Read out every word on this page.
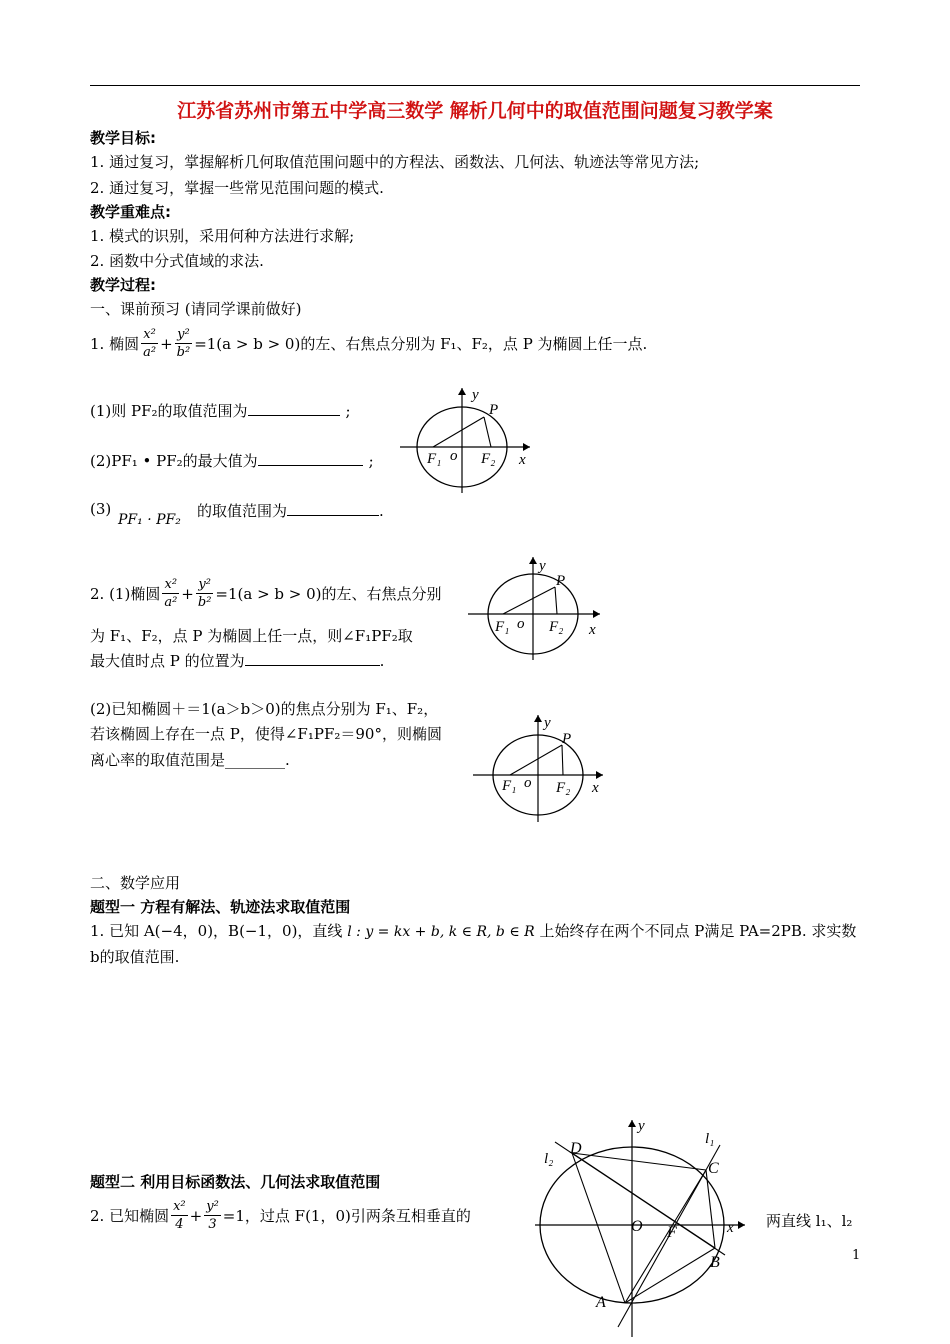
江苏省苏州市第五中学高三数学 解析几何中的取值范围问题复习教学案
教学目标:
1. 通过复习，掌握解析几何取值范围问题中的方程法、函数法、几何法、轨迹法等常见方法;
2. 通过复习，掌握一些常见范围问题的模式.
教学重难点:
1. 模式的识别，采用何种方法进行求解;
2. 函数中分式值域的求法.
教学过程:
一、课前预习 (请同学课前做好)
1. 椭圆 $\frac{\text{x²}}{\text{a²}} + \frac{\text{y²}}{\text{b²}} =1(a > b > 0)$ 的左、右焦点分别为 F₁、F₂，点 P 为椭圆上任一点.
(1)则 PF₂的取值范围为	;
(2)PF₁ • PF₂的最大值为	;
(3)
PF₁ · PF₂ 的取值范围为	.
y
P
F₁ o F₂ x
2. (1)椭圆 $\frac{\text{x²}}{\text{a²}} + \frac{\text{y²}}{\text{b²}} =1(a > b > 0)$ 的左、右焦点分别
为 F₁、F₂，点 P 为椭圆上任一点，则∠F₁PF₂取
最大值时点 P 的位置为	.
y
P
F₁ o F₂ x
(2)已知椭圆＋＝1(a＞b＞0)的焦点分别为 F₁、F₂，
若该椭圆上存在一点 P，使得∠F₁PF₂＝90°，则椭圆
离心率的取值范围是________.
y
P
F₁ o F₂ x
二、数学应用
题型一 方程有解法、轨迹法求取值范围
1. 已知 A(−4，0)，B(−1，0)，直线 l : y = kx + b, k ∈ R, b ∈ R 上始终存在两个不同点 P满足 PA=2PB. 求实数
b的取值范围.
题型二 利用目标函数法、几何法求取值范围
2. 已知椭圆 $\frac{\text{x²}}{4} + \frac{\text{y²}}{3} =1$，过点 F(1，0)引两条互相垂直的	两直线 l₁、l₂
y
l₁
l₂
D
C
O F	x
B
A
1
